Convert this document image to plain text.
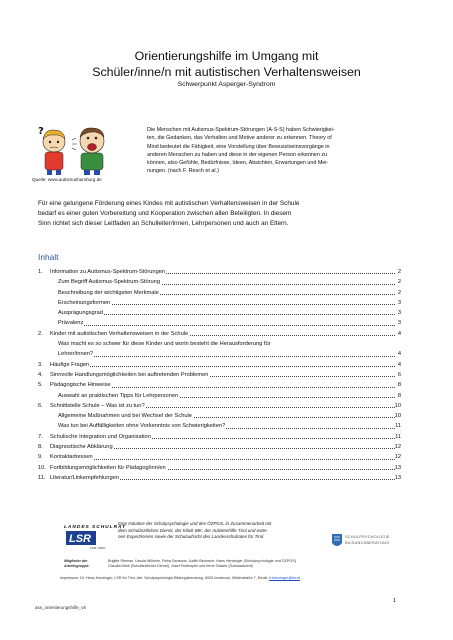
Orientierungshilfe im Umgang mit
Schüler/inne/n mit autistischen Verhaltensweisen
Schwerpunkt Asperger-Syndrom
?
Quelle: www.autismushamburg.de
Die Menschen mit Autismus-Spektrum-Störungen (A-S-S) haben Schwierigkei-
ten, die Gedanken, das Verhalten und Motive anderer zu erkennen. Theory of
Mind bedeutet die Fähigkeit, eine Vorstellung über Bewusstseinsvorgänge in
anderen Menschen zu haben und diese in der eigenen Person erkennen zu
können, also Gefühle, Bedürfnisse, Ideen, Absichten, Erwartungen und Mei-
nungen. (nach F. Resch et al.)
Für eine gelungene Förderung eines Kindes mit autistischen Verhaltensweisen in der Schule
bedarf es einer guten Vorbereitung und Kooperation zwischen allen Beteiligten. In diesem
Sinn richtet sich dieser Leitfaden an Schulleiter/innen, Lehrpersonen und auch an Eltern.
Inhalt
1.	Information zu Autismus-Spektrum-Störungen	2
Zum Begriff Autismus-Spektrum-Störung	2
Beschreibung der wichtigsten Merkmale	2
Erscheinungsformen	3
Ausprägungsgrad	3
Prävalenz	3
2.	Kinder mit autistischen Verhaltensweisen in der Schule	4
Was macht es so schwer für diese Kinder und worin besteht die Herausforderung für
Lehrer/innen?	4
3.	Häufige Fragen	4
4.	Sinnvolle Handlungsmöglichkeiten bei auftretenden Problemen	6
5.	Pädagogische Hinweise	8
Auswahl an praktischen Tipps für Lehrpersonen	8
6.	Schnittstelle Schule – Was ist zu tun?	10
Allgemeine Maßnahmen und bei Wechsel der Schule	10
Was tun bei Auffälligkeiten ohne Vorkenntnis von Schwierigkeiten?	11
7.	Schulische Integration und Organisation	11
8.	Diagnostische Abklärung	12
9.	Kontaktadressen	12
10. Fortbildungsmöglichkeiten für Pädagog/inn/en	13
11. Literatur/Linkempfehlungen	13
LANDES SCHULRAT
LSR
FÜR TIROL
Eine Initiative der Schulpsychologie und des ÖZPGS, in Zusammenarbeit mit
dem Schulärztlichen Dienst, der Klinik IBK, der Autistenhilfe Tirol und exter-
nen Expert/inn/en sowie der Schulaufsicht des Landesschulrates für Tirol.	SCHULPSYCHOLOGIE
BILDUNGSBERATUNG
Mitglieder der
Arbeitsgruppe:
Brigitte Rieman, Ursula Wilhelm, Petra Sansone, Judith Beimrohr, Hans Henzinger (Schulpsychologie und ÖZPGS)
Claudia Mark (Schulärztlicher Dienst), Josef Federspiel und Irene Gasser (Schulaufsicht)
Impressum: Dr. Hans Henzinger, LSR für Tirol, Abt. Schulpsychologie-Bildungsberatung, 6020 Innsbruck, Müllerstraße 7, Email: h.henzinger@lsr.at
1
ass_orientierungshilfe_v5
